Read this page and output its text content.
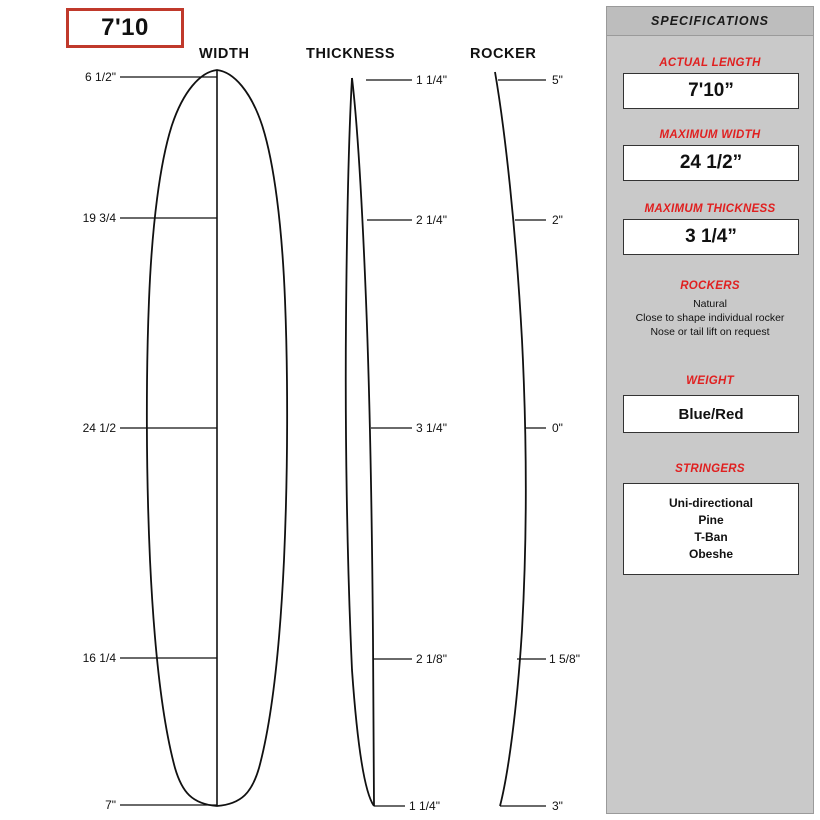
7'10
WIDTH	THICKNESS	ROCKER
6 1/2"
19 3/4
24 1/2
16 1/4
7"
1 1/4"
2 1/4"
3 1/4"
2 1/8"
1 1/4"
5"
2"
0"
1 5/8"
3"
SPECIFICATIONS
ACTUAL LENGTH
7'10”
MAXIMUM WIDTH
24 1/2”
MAXIMUM THICKNESS
3 1/4”
ROCKERS
Natural
Close to shape individual rocker
Nose or tail lift on request
WEIGHT
Blue/Red
STRINGERS
Uni-directional
Pine
T-Ban
Obeshe
